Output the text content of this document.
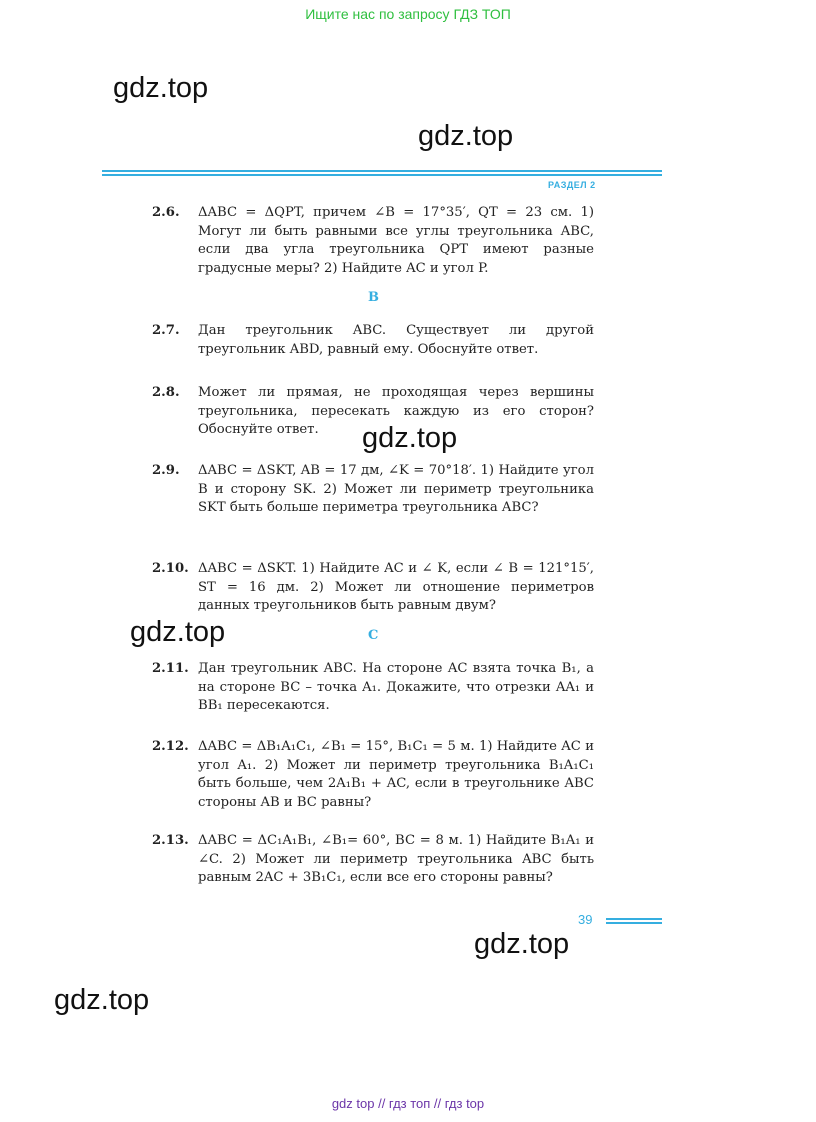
Ищите нас по запросу ГДЗ ТОП
gdz.top
gdz.top
РАЗДЕЛ 2
2.6. ΔABC = ΔQPT, причем ∠B = 17°35′, QT = 23 см. 1) Могут ли быть равными все углы треугольника ABC, если два угла треугольника QPT имеют разные градусные меры? 2) Найдите AC и угол P.
B
2.7. Дан треугольник ABC. Существует ли другой треугольник ABD, равный ему. Обоснуйте ответ.
2.8. Может ли прямая, не проходящая через вершины треугольника, пересекать каждую из его сторон? Обоснуйте ответ.	gdz.top
2.9. ΔABC = ΔSKT, AB = 17 дм, ∠K = 70°18′. 1) Найдите угол B и сторону SK. 2) Может ли периметр треугольника SKT быть больше периметра треугольника ABC?
2.10. ΔABC = ΔSKT. 1) Найдите AC и ∠ K, если ∠ B = 121°15′, ST = 16 дм. 2) Может ли отношение периметров данных треугольников быть равным двум?
gdz.top	C
2.11. Дан треугольник ABC. На стороне AC взята точка B₁, а на стороне BC – точка A₁. Докажите, что отрезки AA₁ и BB₁ пересекаются.
2.12. ΔABC = ΔB₁A₁C₁, ∠B₁ = 15°, B₁C₁ = 5 м. 1) Найдите AC и угол A₁. 2) Может ли периметр треугольника B₁A₁C₁ быть больше, чем 2A₁B₁ + AC, если в треугольнике ABC стороны AB и BC равны?
2.13. ΔABC = ΔC₁A₁B₁, ∠B₁= 60°, BC = 8 м. 1) Найдите B₁A₁ и ∠C. 2) Может ли периметр треугольника ABC быть равным 2AC + 3B₁C₁, если все его стороны равны?
39
gdz.top
gdz.top
gdz top // гдз топ // гдз top
